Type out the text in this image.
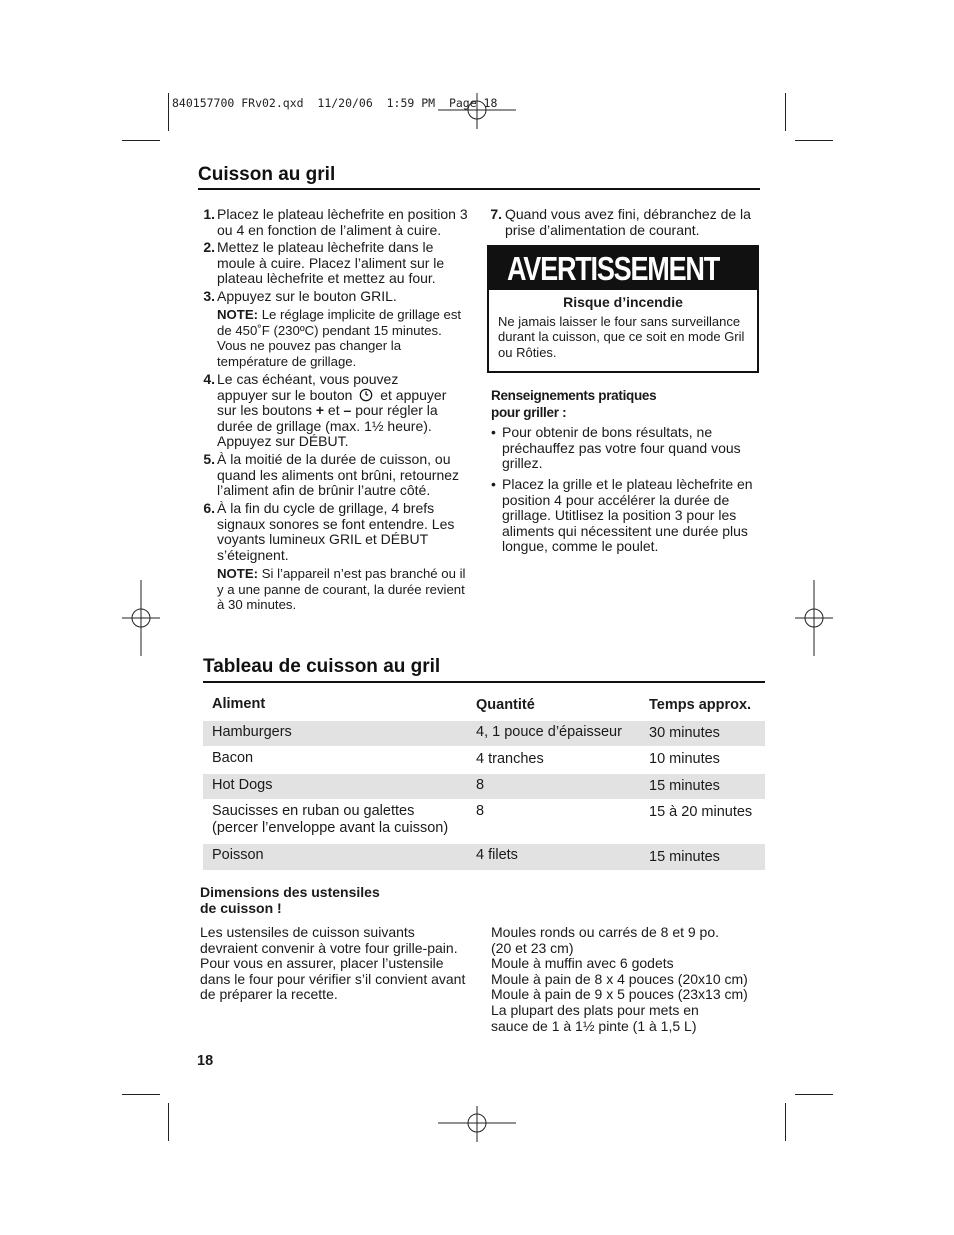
840157700 FRv02.qxd  11/20/06  1:59 PM  Page 18
Cuisson au gril
1. Placez le plateau lèchefrite en position 3 ou 4 en fonction de l’aliment à cuire.
2. Mettez le plateau lèchefrite dans le moule à cuire. Placez l’aliment sur le plateau lèchefrite et mettez au four.
3. Appuyez sur le bouton GRIL.
NOTE: Le réglage implicite de grillage est de 450˚F (230ºC) pendant 15 minutes. Vous ne pouvez pas changer la température de grillage.
4. Le cas échéant, vous pouvez appuyer sur le bouton et appuyer sur les boutons + et – pour régler la durée de grillage (max. 1½ heure). Appuyez sur DÉBUT.
5. À la moitié de la durée de cuisson, ou quand les aliments ont brûni, retournez l’aliment afin de brûnir l’autre côté.
6. À la fin du cycle de grillage, 4 brefs signaux sonores se font entendre. Les voyants lumineux GRIL et DÉBUT s’éteignent.
NOTE: Si l’appareil n’est pas branché ou il y a une panne de courant, la durée revient à 30 minutes.
7. Quand vous avez fini, débranchez de la prise d’alimentation de courant.
AVERTISSEMENT
Risque d’incendie
Ne jamais laisser le four sans surveillance durant la cuisson, que ce soit en mode Gril ou Rôties.
Renseignements pratiques
pour griller :
• Pour obtenir de bons résultats, ne préchauffez pas votre four quand vous grillez.
• Placez la grille et le plateau lèchefrite en position 4 pour accélérer la durée de grillage. Utitlisez la position 3 pour les aliments qui nécessitent une durée plus longue, comme le poulet.
Tableau de cuisson au gril
Aliment	Quantité	Temps approx.
Hamburgers	4, 1 pouce d’épaisseur 30 minutes
Bacon	4 tranches	10 minutes
Hot Dogs	8	15 minutes
Saucisses en ruban ou galettes
(percer l’enveloppe avant la cuisson)
8	15 à 20 minutes
Poisson	4 filets	15 minutes
Dimensions des ustensiles
de cuisson !
Les ustensiles de cuisson suivants devraient convenir à votre four grille-pain. Pour vous en assurer, placer l’ustensile dans le four pour vérifier s’il convient avant de préparer la recette.
Moules ronds ou carrés de 8 et 9 po.
(20 et 23 cm)
Moule à muffin avec 6 godets
Moule à pain de 8 x 4 pouces (20x10 cm)
Moule à pain de 9 x 5 pouces (23x13 cm)
La plupart des plats pour mets en
sauce de 1 à 1½ pinte (1 à 1,5 L)
18
